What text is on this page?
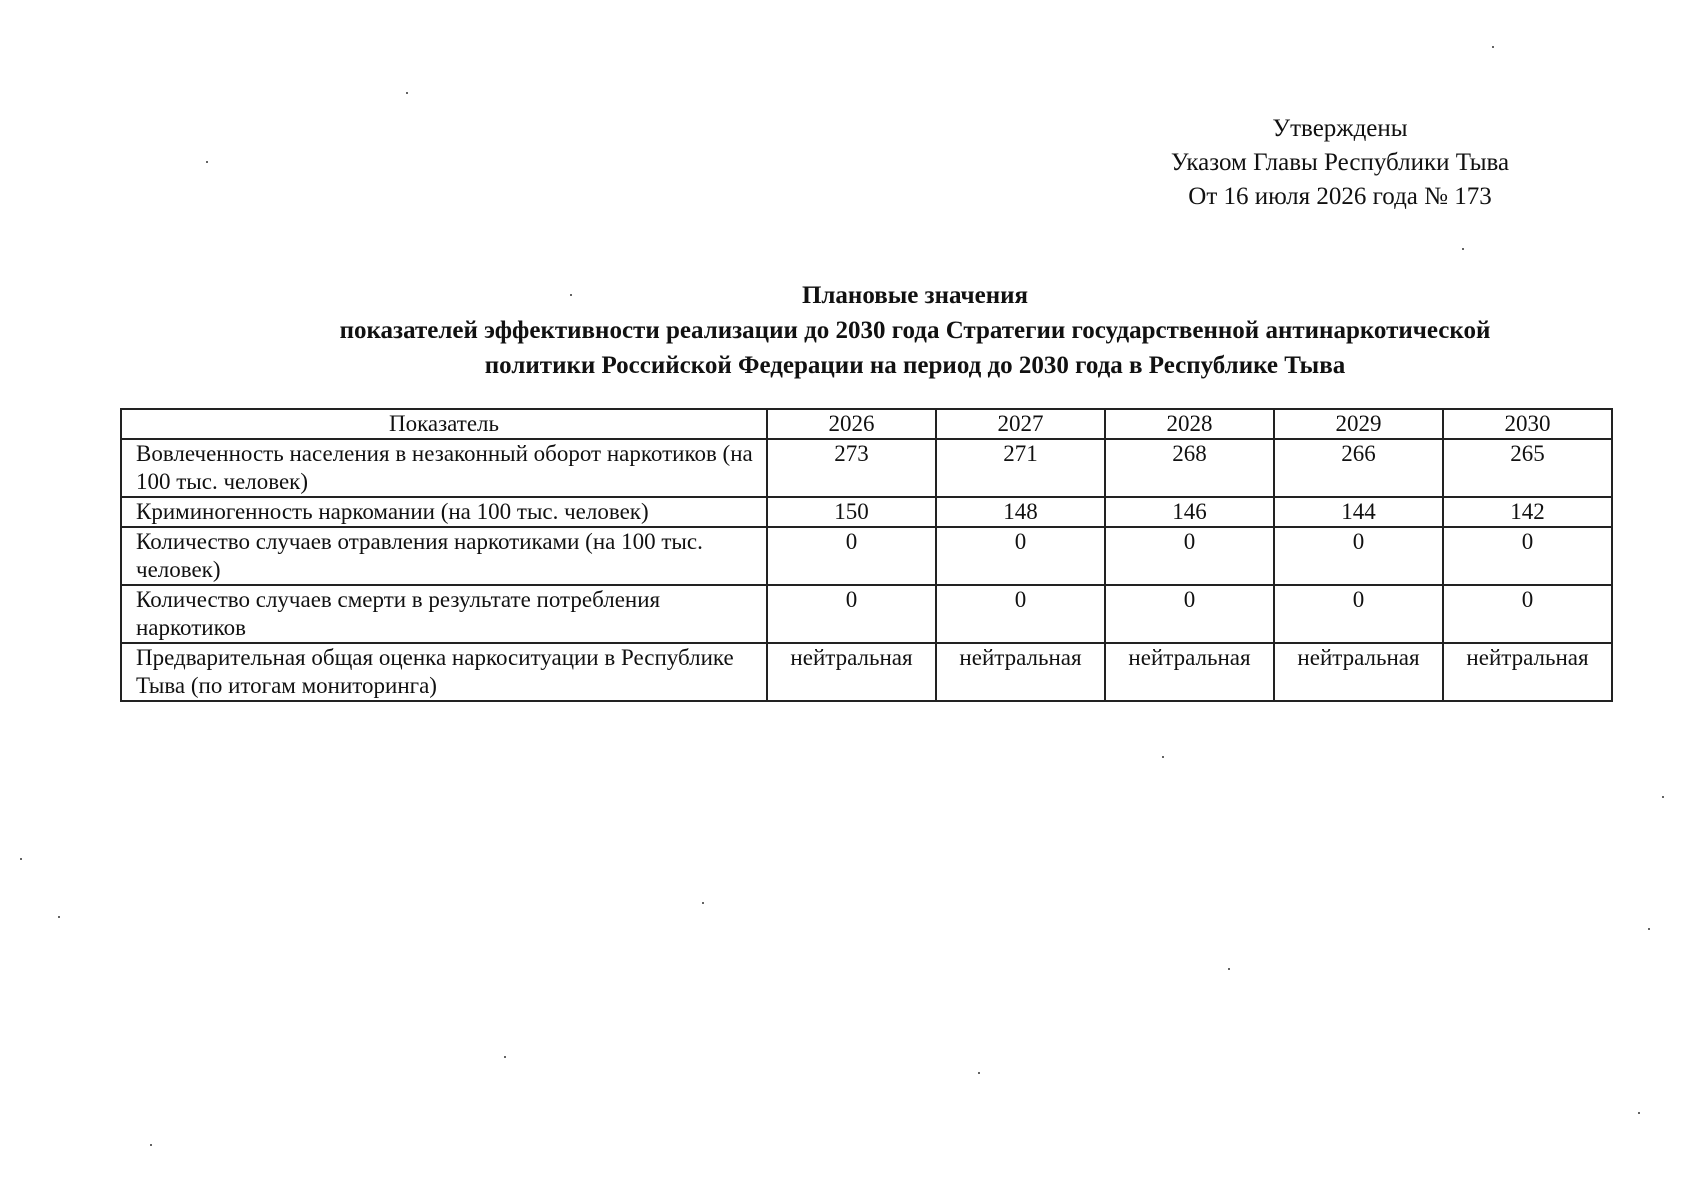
Утверждены
Указом Главы Республики Тыва
От 16 июля 2026 года № 173
Плановые значения
показателей эффективности реализации до 2030 года Стратегии государственной антинаркотической
политики Российской Федерации на период до 2030 года в Республике Тыва
Показатель	2026	2027	2028	2029	2030
Вовлеченность населения в незаконный оборот наркотиков (на 100 тыс. человек)	273	271	268	266	265
Криминогенность наркомании (на 100 тыс. человек)	150	148	146	144	142
Количество случаев отравления наркотиками (на 100 тыс. человек)	0	0	0	0	0
Количество случаев смерти в результате потребления наркотиков	0	0	0	0	0
Предварительная общая оценка наркоситуации в Республике Тыва (по итогам мониторинга)	нейтральная	нейтральная	нейтральная	нейтральная	нейтральная
